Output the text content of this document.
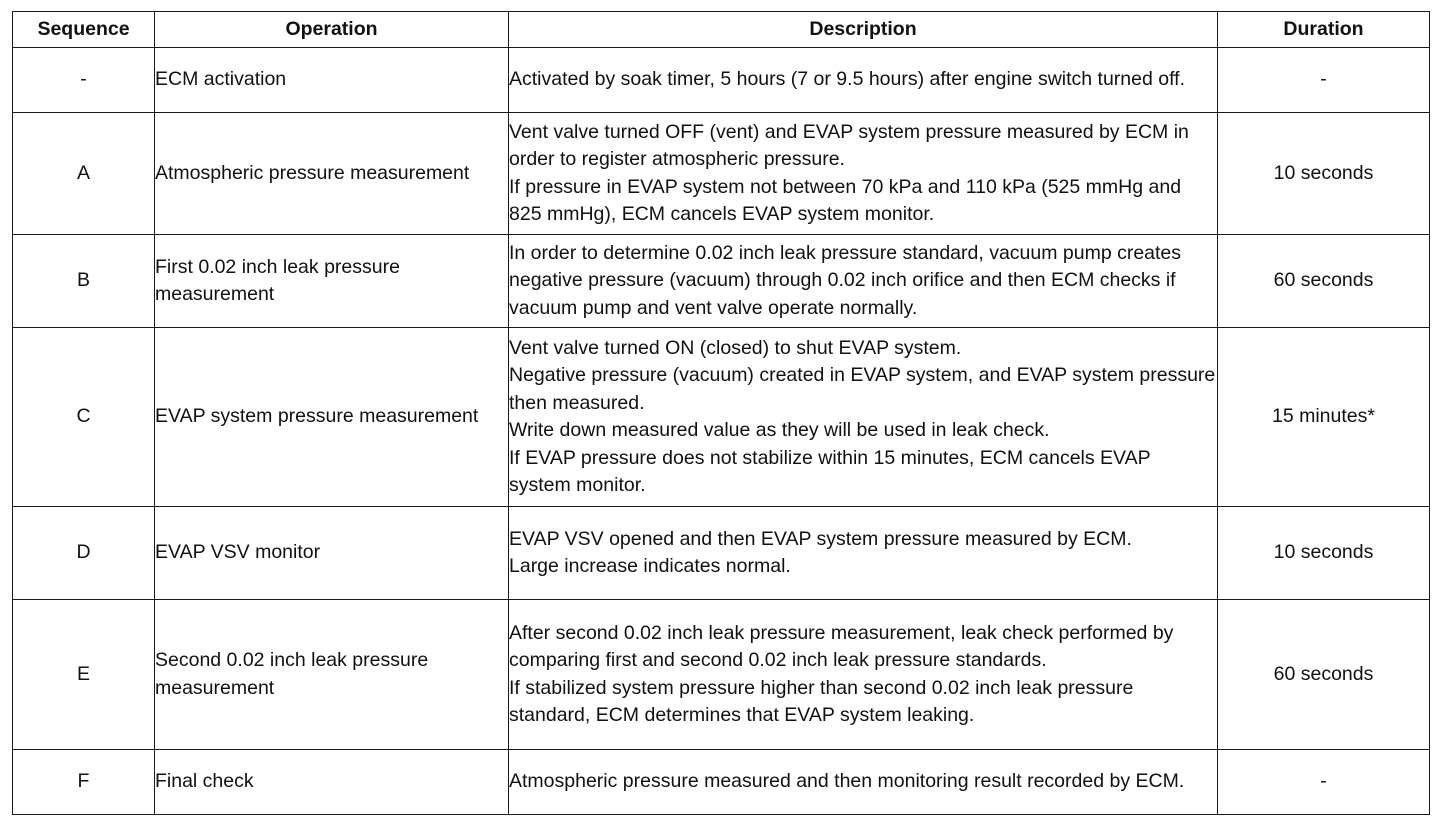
Sequence	Operation	Description	Duration
-	ECM activation	Activated by soak timer, 5 hours (7 or 9.5 hours) after engine switch turned off.	-
A	Atmospheric pressure measurement	Vent valve turned OFF (vent) and EVAP system pressure measured by ECM in order to register atmospheric pressure.
If pressure in EVAP system not between 70 kPa and 110 kPa (525 mmHg and 825 mmHg), ECM cancels EVAP system monitor.	10 seconds
B	First 0.02 inch leak pressure measurement	In order to determine 0.02 inch leak pressure standard, vacuum pump creates negative pressure (vacuum) through 0.02 inch orifice and then ECM checks if vacuum pump and vent valve operate normally.	60 seconds
C	EVAP system pressure measurement	Vent valve turned ON (closed) to shut EVAP system.
Negative pressure (vacuum) created in EVAP system, and EVAP system pressure then measured.
Write down measured value as they will be used in leak check.
If EVAP pressure does not stabilize within 15 minutes, ECM cancels EVAP system monitor.	15 minutes*
D	EVAP VSV monitor	EVAP VSV opened and then EVAP system pressure measured by ECM.
Large increase indicates normal.	10 seconds
E	Second 0.02 inch leak pressure measurement	After second 0.02 inch leak pressure measurement, leak check performed by comparing first and second 0.02 inch leak pressure standards.
If stabilized system pressure higher than second 0.02 inch leak pressure standard, ECM determines that EVAP system leaking.	60 seconds
F	Final check	Atmospheric pressure measured and then monitoring result recorded by ECM.	-
